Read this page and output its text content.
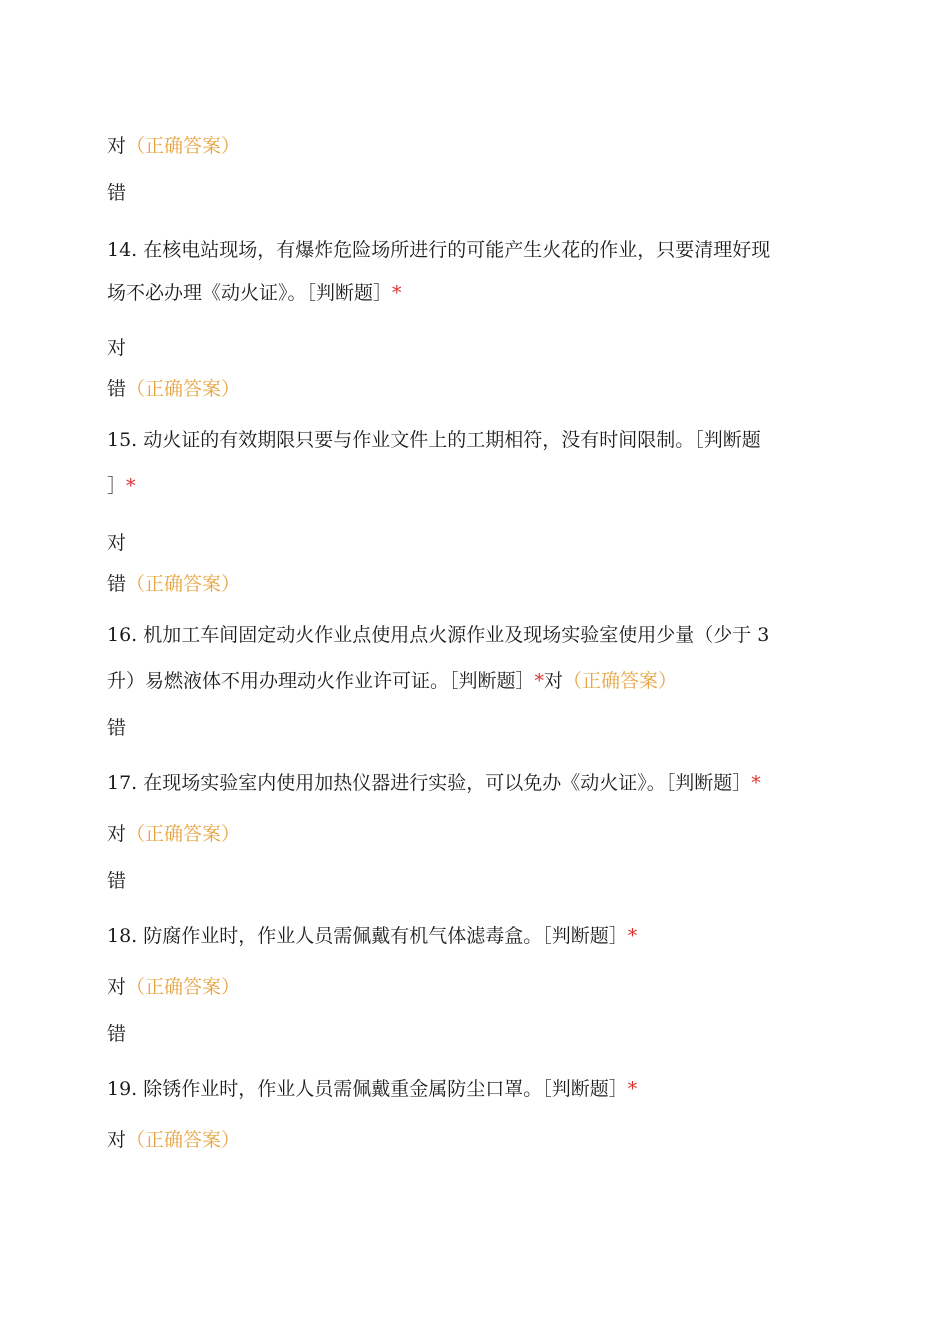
对（正确答案）
错
14. 在核电站现场，有爆炸危险场所进行的可能产生火花的作业，只要清理好现
场不必办理《动火证》。［判断题］*
对
错（正确答案）
15. 动火证的有效期限只要与作业文件上的工期相符，没有时间限制。［判断题
］*
对
错（正确答案）
16. 机加工车间固定动火作业点使用点火源作业及现场实验室使用少量（少于 3
升）易燃液体不用办理动火作业许可证。［判断题］*对（正确答案）
错
17. 在现场实验室内使用加热仪器进行实验，可以免办《动火证》。［判断题］*
对（正确答案）
错
18. 防腐作业时，作业人员需佩戴有机气体滤毒盒。［判断题］*
对（正确答案）
错
19. 除锈作业时，作业人员需佩戴重金属防尘口罩。［判断题］*
对（正确答案）
